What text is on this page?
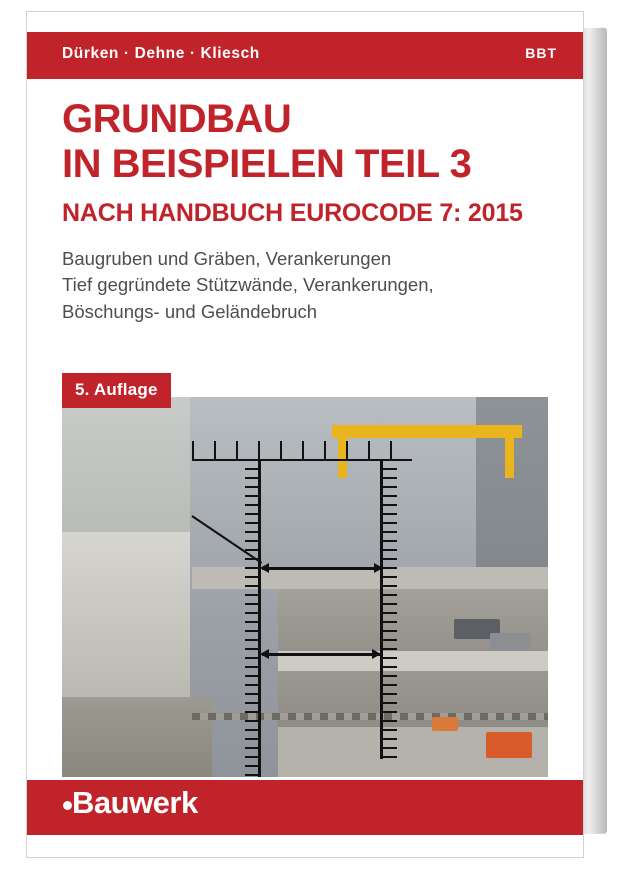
Dürken · Dehne · Kliesch	BBT
GRUNDBAU
IN BEISPIELEN TEIL 3
NACH HANDBUCH EUROCODE 7: 2015
Baugruben und Gräben, Verankerungen
Tief gegründete Stützwände, Verankerungen,
Böschungs- und Geländebruch
5. Auflage
Bauwerk
